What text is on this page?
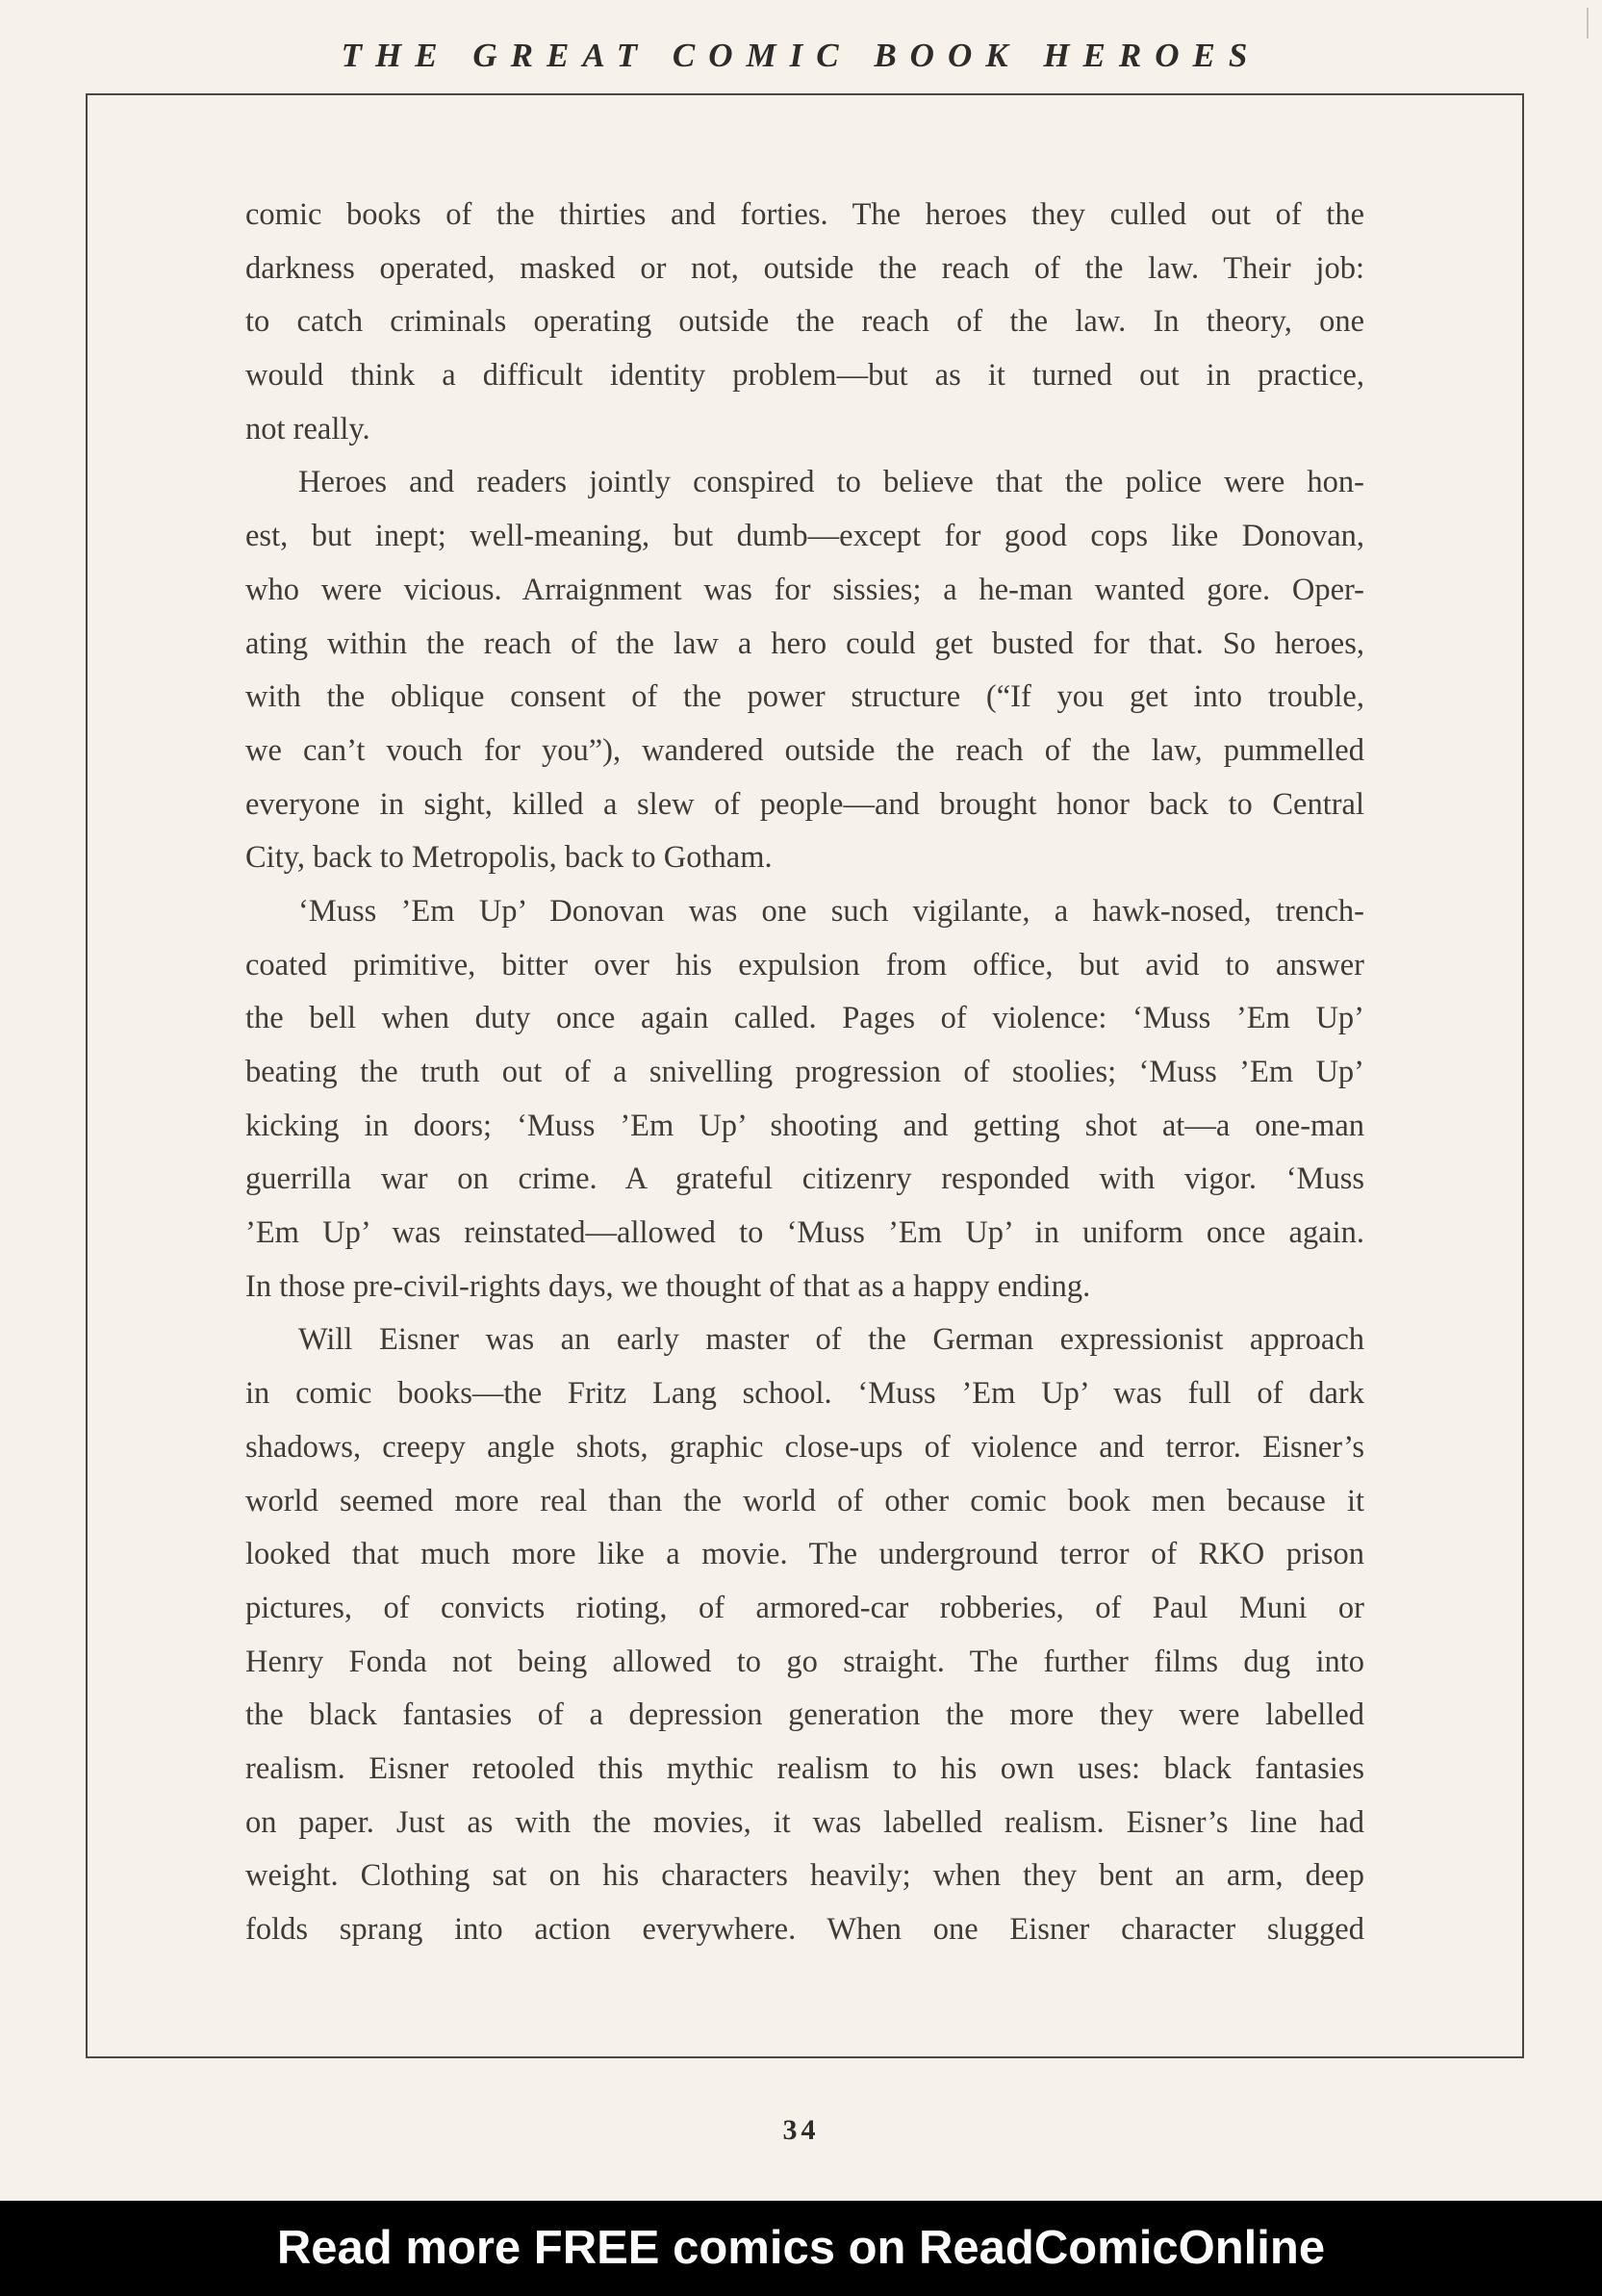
THE GREAT COMIC BOOK HEROES
comic books of the thirties and forties. The heroes they culled out of the
darkness operated, masked or not, outside the reach of the law. Their job:
to catch criminals operating outside the reach of the law. In theory, one
would think a difficult identity problem—but as it turned out in practice,
not really.
Heroes and readers jointly conspired to believe that the police were hon-
est, but inept; well-meaning, but dumb—except for good cops like Donovan,
who were vicious. Arraignment was for sissies; a he-man wanted gore. Oper-
ating within the reach of the law a hero could get busted for that. So heroes,
with the oblique consent of the power structure (“If you get into trouble,
we can’t vouch for you”), wandered outside the reach of the law, pummelled
everyone in sight, killed a slew of people—and brought honor back to Central
City, back to Metropolis, back to Gotham.
‘Muss ’Em Up’ Donovan was one such vigilante, a hawk-nosed, trench-
coated primitive, bitter over his expulsion from office, but avid to answer
the bell when duty once again called. Pages of violence: ‘Muss ’Em Up’
beating the truth out of a snivelling progression of stoolies; ‘Muss ’Em Up’
kicking in doors; ‘Muss ’Em Up’ shooting and getting shot at—a one-man
guerrilla war on crime. A grateful citizenry responded with vigor. ‘Muss
’Em Up’ was reinstated—allowed to ‘Muss ’Em Up’ in uniform once again.
In those pre-civil-rights days, we thought of that as a happy ending.
Will Eisner was an early master of the German expressionist approach
in comic books—the Fritz Lang school. ‘Muss ’Em Up’ was full of dark
shadows, creepy angle shots, graphic close-ups of violence and terror. Eisner’s
world seemed more real than the world of other comic book men because it
looked that much more like a movie. The underground terror of RKO prison
pictures, of convicts rioting, of armored-car robberies, of Paul Muni or
Henry Fonda not being allowed to go straight. The further films dug into
the black fantasies of a depression generation the more they were labelled
realism. Eisner retooled this mythic realism to his own uses: black fantasies
on paper. Just as with the movies, it was labelled realism. Eisner’s line had
weight. Clothing sat on his characters heavily; when they bent an arm, deep
folds sprang into action everywhere. When one Eisner character slugged
34
Read more FREE comics on ReadComicOnline
